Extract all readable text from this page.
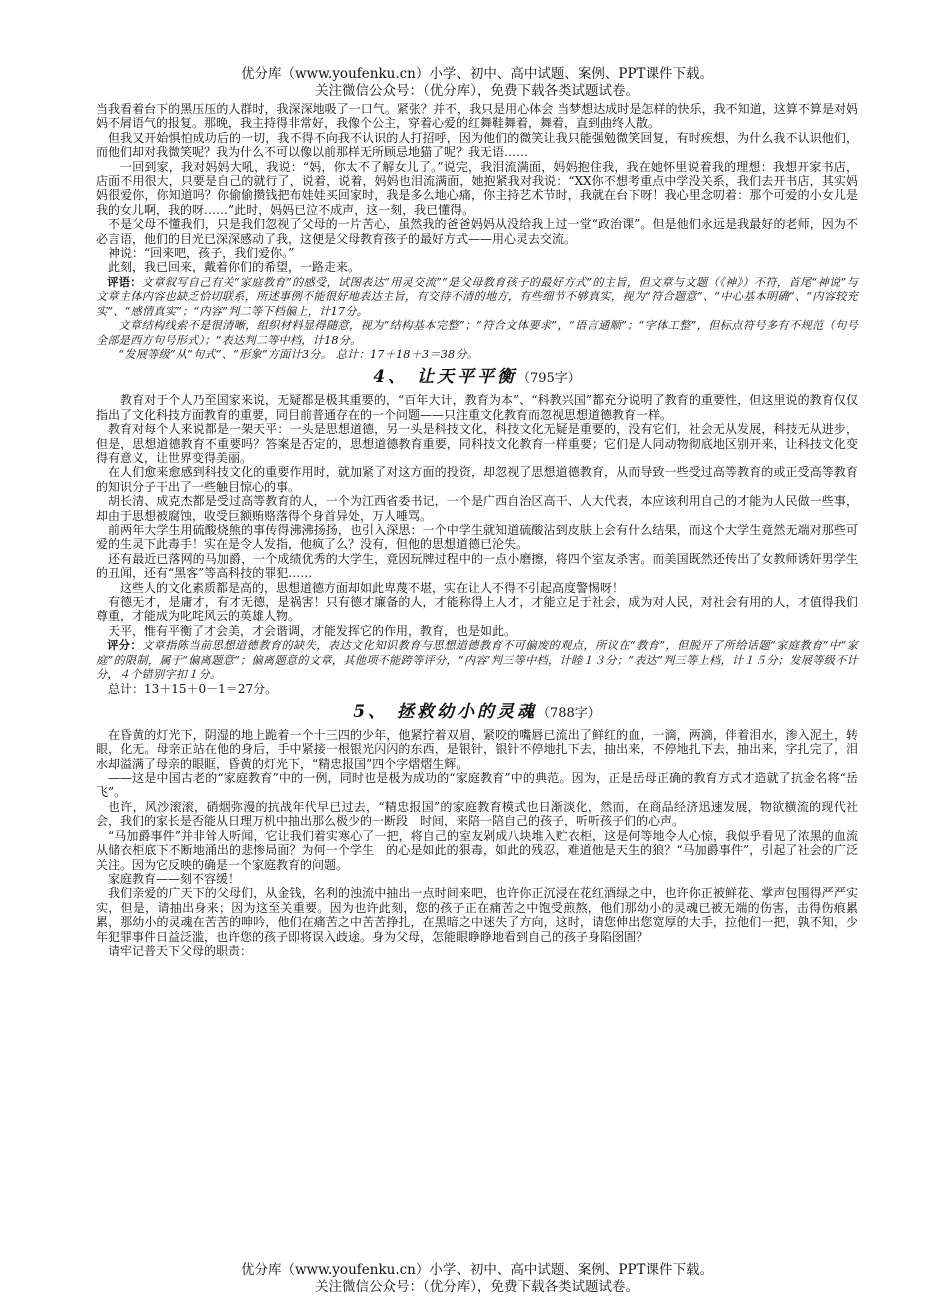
优分库（www.youfenku.cn）小学、初中、高中试题、案例、PPT课件下载。
关注微信公众号：（优分库），免费下载各类试题试卷。

当我看着台下的黑压压的人群时，我深深地吸了一口气。紧张？并不，我只是用心体会 当梦想达成时是怎样的快乐，我不知道，这算不算是对妈妈不屑语气的报复。那晚，我主持得非常好，我像个公主，穿着心爱的红舞鞋舞着，舞着，直到曲终人散。

但我又开始惧怕成功后的一切，我不得不向我不认识的人打招呼，因为他们的微笑让我只能强勉微笑回复，有时疾想，为什么我不认识他们，而他们却对我微笑呢？我为什么不可以像以前那样无所顾忌地猫了呢？我无语……

一回到家，我对妈妈大吼，我说：“妈，你太不了解女儿了。”说完，我泪流满面，妈妈抱住我，我在她怀里说着我的理想：我想开家书店，店面不用很大，只要是自己的就行了，说着，说着，妈妈也泪流满面，她抱紧我对我说：“XX你不想考重点中学没关系，我们去开书店，其实妈妈很爱你，你知道吗？你偷偷攒钱把布娃娃买回家时，我是多么地心痛，你主持艺术节时，我就在台下呀！我心里念叨着：那个可爱的小女儿是我的女儿啊，我的呀……”此时，妈妈已泣不成声，这一刻，我已懂得。

不是父母不懂我们，只是我们忽视了父母的一片苦心，虽然我的爸爸妈妈从没给我上过一堂“政治课”。但是他们永远是我最好的老师，因为不必言语，他们的目光已深深感动了我，这便是父母教育孩子的最好方式——用心灵去交流。

神说：“回来吧，孩子，我们爱你。”

此刻，我已回来，戴着你们的希望，一路走来。

评语：文章叙写自己有关“家庭教育”的感受，试图表达“用灵交流”“是父母教育孩子的最好方式”的主旨，但文章与文题（《神》）不符，首尾“神说”与文章主体内容也缺乏恰切联系，所述事例不能很好地表达主旨，有交待不清的地方，有些细节不够真实，视为“符合题意”、“中心基本明确”、“内容较充实”、“感情真实”；“内容”判二等下档偏上，计17分。

文章结构线索不是很清晰，组织材料显得随意，视为“结构基本完整”；“符合文体要求”，“语言通顺”；“字体工整”，但标点符号多有不规范（句号全部是西方句号形式）；“表达判二等中档，计18分。

“发展等级”从“句式”、“形象”方面计3分。 总计：17＋18＋3＝38分。

4、 让天平平衡（795字）

教育对于个人乃至国家来说，无疑都是极其重要的，“百年大计，教育为本”、“科教兴国”都充分说明了教育的重要性，但这里说的教育仅仅指出了文化科技方面教育的重要，同目前普通存在的一个问题——只注重文化教育而忽视思想道德教育一样。

教育对每个人来说都是一架天平：一头是思想道德，另一头是科技文化，科技文化无疑是重要的，没有它们，社会无从发展，科技无从进步，但是，思想道德教育不重要吗？答案是否定的，思想道德教育重要，同科技文化教育一样重要；它们是人同动物彻底地区别开来，让科技文化变得有意义，让世界变得美丽。

在人们愈来愈感到科技文化的重要作用时，就加紧了对这方面的投资，却忽视了思想道德教育，从而导致一些受过高等教育的或正受高等教育的知识分子干出了一些触目惊心的事。

胡长清、成克杰都是受过高等教育的人，一个为江西省委书记，一个是广西自治区高干、人大代表，本应该利用自己的才能为人民做一些事，却由于思想被腐蚀，收受巨额贿赂落得个身首异处，万人唾骂。

前两年大学生用硫酸烧熊的事传得沸沸扬扬，也引入深思：一个中学生就知道硫酸沾到皮肤上会有什么结果，而这个大学生竟然无端对那些可爱的生灵下此毒手！实在是令人发指，他疯了么？没有，但他的思想道德已沦失。

还有最近已落网的马加爵，一个成绩优秀的大学生，竟因玩牌过程中的一点小磨擦，将四个室友杀害。而美国既然还传出了女教师诱奸男学生的丑闻，还有“黑客”等高科技的罪犯……

这些人的文化素质都是高的，思想道德方面却如此卑蔑不堪，实在让人不得不引起高度警惕呀！

有德无才，是庸才，有才无德，是祸害！只有德才廉备的人，才能称得上人才，才能立足于社会，成为对人民，对社会有用的人，才值得我们尊重，才能成为叱咤风云的英雄人物。

天平，惟有平衡了才会美，才会谐调，才能发挥它的作用，教育，也是如此。

评分：文章指陈当前思想道德教育的缺失，表达文化知识教育与思想道德教育不可偏废的观点，所议在“教育”，但脱开了所给话题“家庭教育”中“家庭”的限制，属于“偏离题意”；偏离题意的文章，其他项不能跨等评分，“内容’判三等中档，计睦１３分；“表达”判三等上档，计１５分；发展等级不计分，４个错别字扣１分。

总计：13＋15＋0－1＝27分。

5、 拯救幼小的灵魂（788字）

在昏黄的灯光下，阴湿的地上跪着一个十三四的少年，他紧拧着双眉，紧咬的嘴唇已流出了鲜红的血，一滴，两滴，伴着泪水，渗入泥土，转眼，化无。母亲正站在他的身后，手中紧接一根银光闪闪的东西，是银针，银针不停地扎下去，抽出来，不停地扎下去，抽出来，字扎完了，泪水却溢满了母亲的眼眶，昏黄的灯光下，“精忠报国”四个字熠熠生辉。

——这是中国古老的“家庭教育”中的一例，同时也是极为成功的“家庭教育”中的典范。因为，正是岳母正确的教育方式才造就了抗金名将“岳飞”。

也许，风沙滚滚，硝烟弥漫的抗战年代早已过去，“精忠报国”的家庭教育模式也日渐淡化，然而，在商品经济迅速发展，物欲横流的现代社会，我们的家长是否能从日理万机中抽出那么极少的一断段　时间，来陪一陪自己的孩子，听听孩子们的心声。

“马加爵事件”并非耸人听闻，它让我们着实寒心了一把，将自己的室友剁成八块堆入贮衣柜，这是何等地令人心惊，我似乎看见了浓黑的血流从储衣柜底下不断地涌出的悲惨局面？为何一个学生　的心是如此的狠毒，如此的残忍，难道他是天生的狼？“马加爵事件”，引起了社会的广泛关注。因为它反映的确是一个家庭教育的问题。

家庭教育——刻不容缓！

我们亲爱的广天下的父母们，从金钱，名利的浊流中抽出一点时间来吧，也许你正沉浸在花红酒绿之中，也许你正被鲜花、掌声包围得严严实实，但是，请抽出身来；因为这至关重要。因为也许此刻，您的孩子正在痛苦之中饱受煎熬，他们那幼小的灵魂已被无端的伤害，击得伤痕累累，那幼小的灵魂在苦苦的呻吟，他们在痛苦之中苦苦挣扎，在黑暗之中迷失了方向，这时，请您伸出您宽厚的大手，拉他们一把，孰不知，少年犯罪事件日益泛滥，也许您的孩子即将误入歧途。身为父母，怎能眼睁睁地看到自己的孩子身陷囹圄？

请牢记普天下父母的职责：

优分库（www.youfenku.cn）小学、初中、高中试题、案例、PPT课件下载。
关注微信公众号：（优分库），免费下载各类试题试卷。
